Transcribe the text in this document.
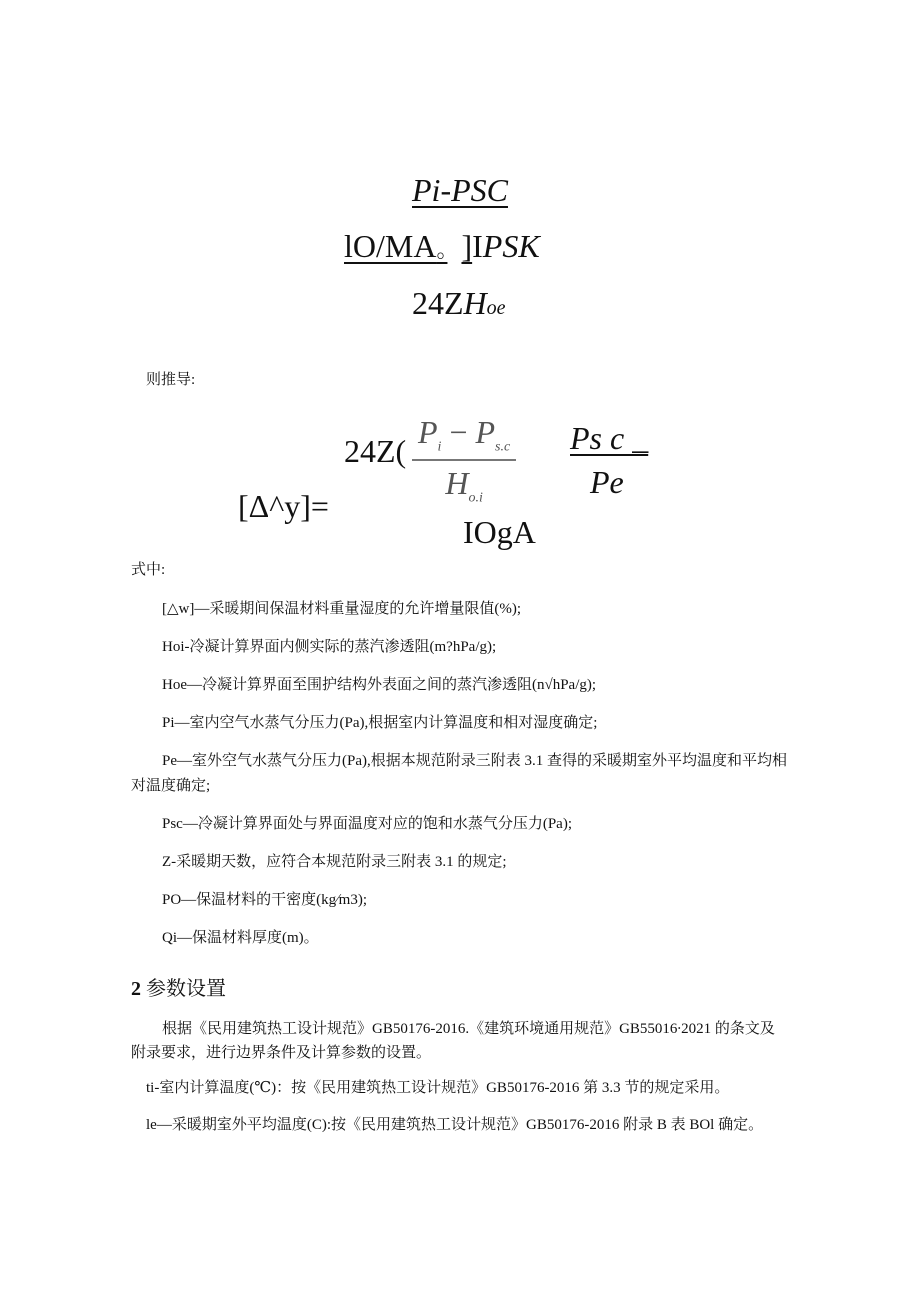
Pi-PSC
lO/MA。 ]IPSK
24ZHoe
则推导:
[Δ^y]=
$24Z( \frac{P_i - P_{s.c}}{H_{o.i}}$ Ps c _
Pe
IOgA
式中:
[△w]—采暖期间保温材料重量湿度的允许增量限值(%);
Hoi-冷凝计算界面内侧实际的蒸汽渗透阻(m?hPa/g);
Hoe—冷凝计算界面至围护结构外表面之间的蒸汽渗透阻(n√hPa/g);
Pi—室内空气水蒸气分压力(Pa),根据室内计算温度和相对湿度确定;
Pe—室外空气水蒸气分压力(Pa),根据本规范附录三附表 3.1 查得的采暖期室外平均温度和平均相
对温度确定;
Psc—冷凝计算界面处与界面温度对应的饱和水蒸气分压力(Pa);
Z-采暖期天数，应符合本规范附录三附表 3.1 的规定;
PO—保温材料的干密度(kg∕m3);
Qi—保温材料厚度(m)。
2 参数设置
根据《民用建筑热工设计规范》GB50176-2016.《建筑环境通用规范》GB55016∙2021 的条文及
附录要求，进行边界条件及计算参数的设置。
ti-室内计算温度(℃)：按《民用建筑热工设计规范》GB50176-2016 第 3.3 节的规定采用。
le—采暖期室外平均温度(C):按《民用建筑热工设计规范》GB50176-2016 附录 B 表 BOl 确定。
